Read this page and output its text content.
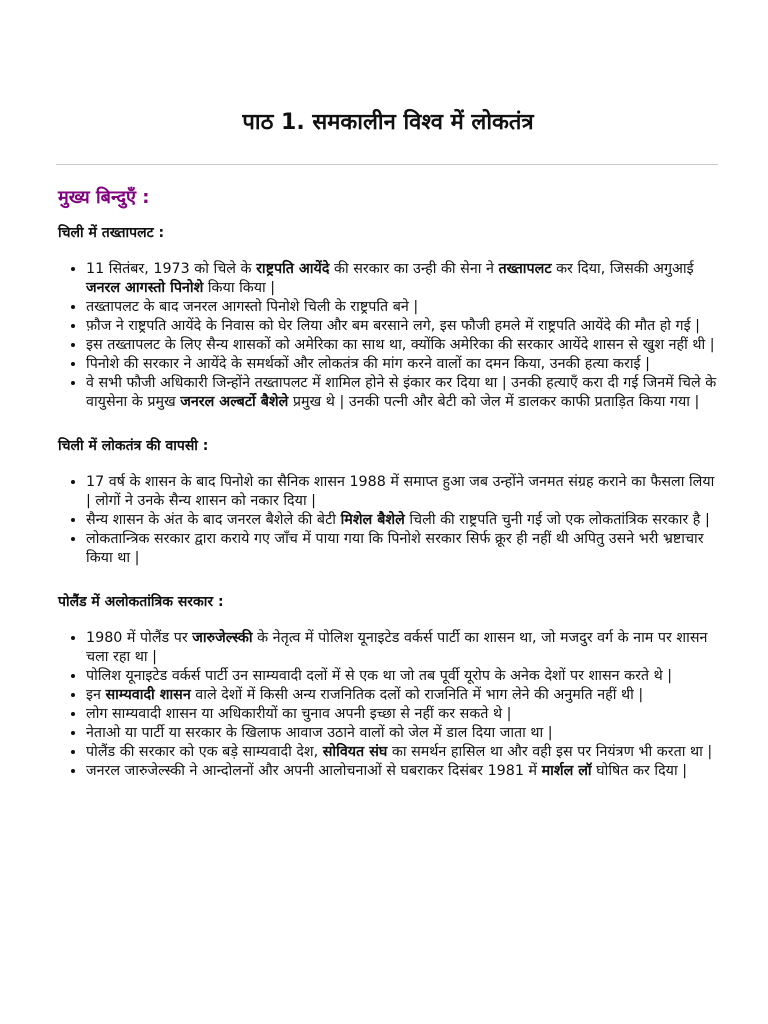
पाठ 1. समकालीन विश्व में लोकतंत्र
मुख्य बिन्दुएँ :
चिली में तख्तापलट :
• 11 सितंबर, 1973 को चिले के राष्ट्रपति आयेंदे की सरकार का उन्ही की सेना ने तख्तापलट कर दिया, जिसकी अगुआई जनरल आगस्तो पिनोशे किया किया |
• तख्तापलट के बाद जनरल आगस्तो पिनोशे चिली के राष्ट्रपति बने |
• फ़ौज ने राष्ट्रपति आयेंदे के निवास को घेर लिया और बम बरसाने लगे, इस फौजी हमले में राष्ट्रपति आयेंदे की मौत हो गई |
• इस तख्तापलट के लिए सैन्य शासकों को अमेरिका का साथ था, क्योंकि अमेरिका की सरकार आयेंदे शासन से खुश नहीं थी |
• पिनोशे की सरकार ने आयेंदे के समर्थकों और लोकतंत्र की मांग करने वालों का दमन किया, उनकी हत्या कराई |
• वे सभी फौजी अधिकारी जिन्होंने तख्तापलट में शामिल होने से इंकार कर दिया था | उनकी हत्याएँ करा दी गई जिनमें चिले के वायुसेना के प्रमुख जनरल अल्बर्टो बैशेले प्रमुख थे | उनकी पत्नी और बेटी को जेल में डालकर काफी प्रताड़ित किया गया |
चिली में लोकतंत्र की वापसी :
• 17 वर्ष के शासन के बाद पिनोशे का सैनिक शासन 1988 में समाप्त हुआ जब उन्होंने जनमत संग्रह कराने का फैसला लिया | लोगों ने उनके सैन्य शासन को नकार दिया |
• सैन्य शासन के अंत के बाद जनरल बैशेले की बेटी मिशेल बैशेले चिली की राष्ट्रपति चुनी गई जो एक लोकतांत्रिक सरकार है |
• लोकतान्त्रिक सरकार द्वारा कराये गए जाँच में पाया गया कि पिनोशे सरकार सिर्फ क्रूर ही नहीं थी अपितु उसने भरी भ्रष्टाचार किया था |
पोलैंड में अलोकतांत्रिक सरकार :
• 1980 में पोलैंड पर जारुजेल्स्की के नेतृत्व में पोलिश यूनाइटेड वर्कर्स पार्टी का शासन था, जो मजदुर वर्ग के नाम पर शासन चला रहा था |
• पोलिश यूनाइटेड वर्कर्स पार्टी उन साम्यवादी दलों में से एक था जो तब पूर्वी यूरोप के अनेक देशों पर शासन करते थे |
• इन साम्यवादी शासन वाले देशों में किसी अन्य राजनितिक दलों को राजनिति में भाग लेने की अनुमति नहीं थी |
• लोग साम्यवादी शासन या अधिकारीयों का चुनाव अपनी इच्छा से नहीं कर सकते थे |
• नेताओ या पार्टी या सरकार के खिलाफ आवाज उठाने वालों को जेल में डाल दिया जाता था |
• पोलैंड की सरकार को एक बड़े साम्यवादी देश, सोवियत संघ का समर्थन हासिल था और वही इस पर नियंत्रण भी करता था |
• जनरल जारुजेल्स्की ने आन्दोलनों और अपनी आलोचनाओं से घबराकर दिसंबर 1981 में मार्शल लॉ घोषित कर दिया |
